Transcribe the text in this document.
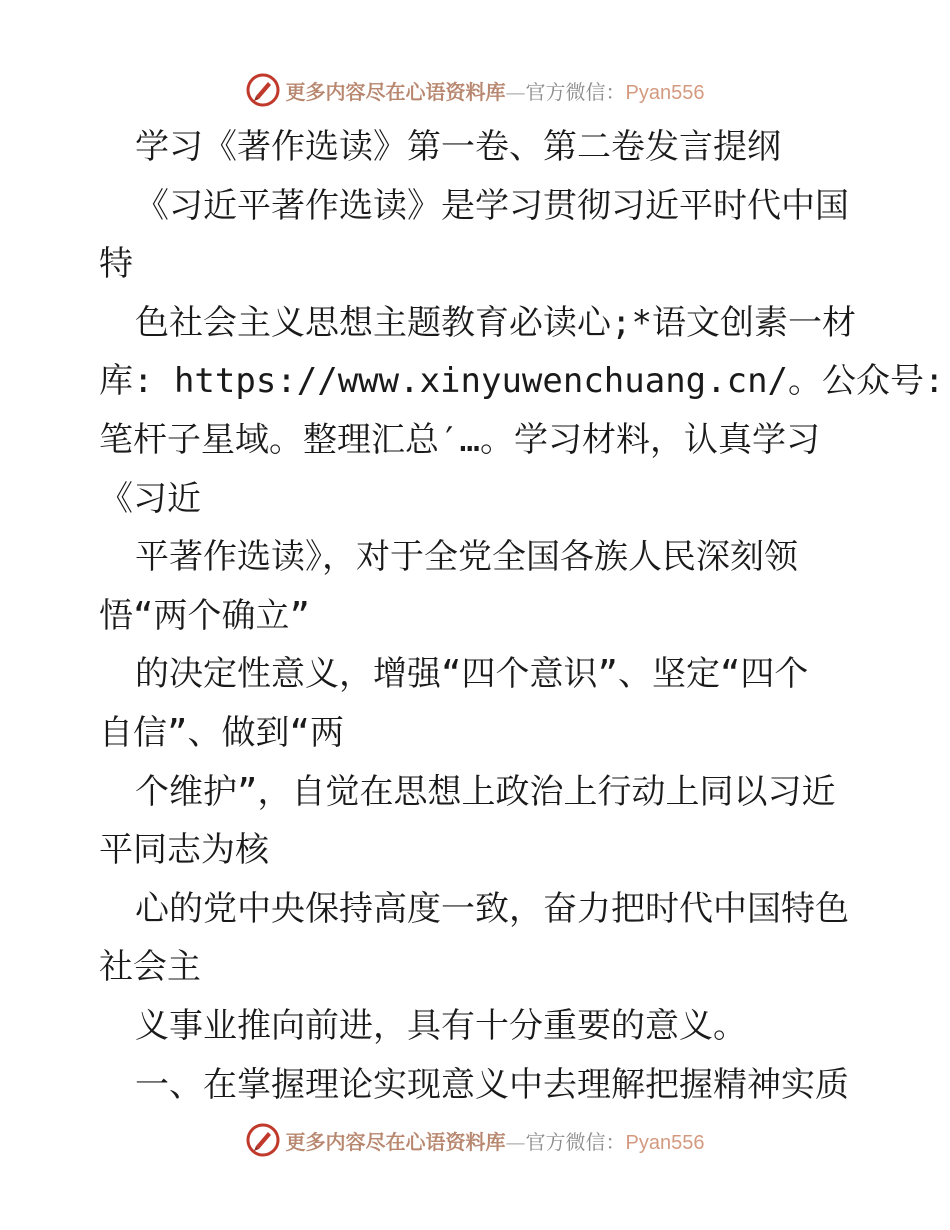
更多内容尽在心语资料库—官方微信：Pyan556
学习《著作选读》第一卷、第二卷发言提纲
《习近平著作选读》是学习贯彻习近平时代中国
特
色社会主义思想主题教育必读心;*语文创素一材
库: https://www.xinyuwenchuang.cn/。公众号:
笔杆子星域。整理汇总′…。学习材料，认真学习
《习近
平著作选读》，对于全党全国各族人民深刻领
悟“两个确立”
的决定性意义，增强“四个意识”、坚定“四个
自信”、做到“两
个维护”，自觉在思想上政治上行动上同以习近
平同志为核
心的党中央保持高度一致，奋力把时代中国特色
社会主
义事业推向前进，具有十分重要的意义。
一、在掌握理论实现意义中去理解把握精神实质
更多内容尽在心语资料库—官方微信：Pyan556
